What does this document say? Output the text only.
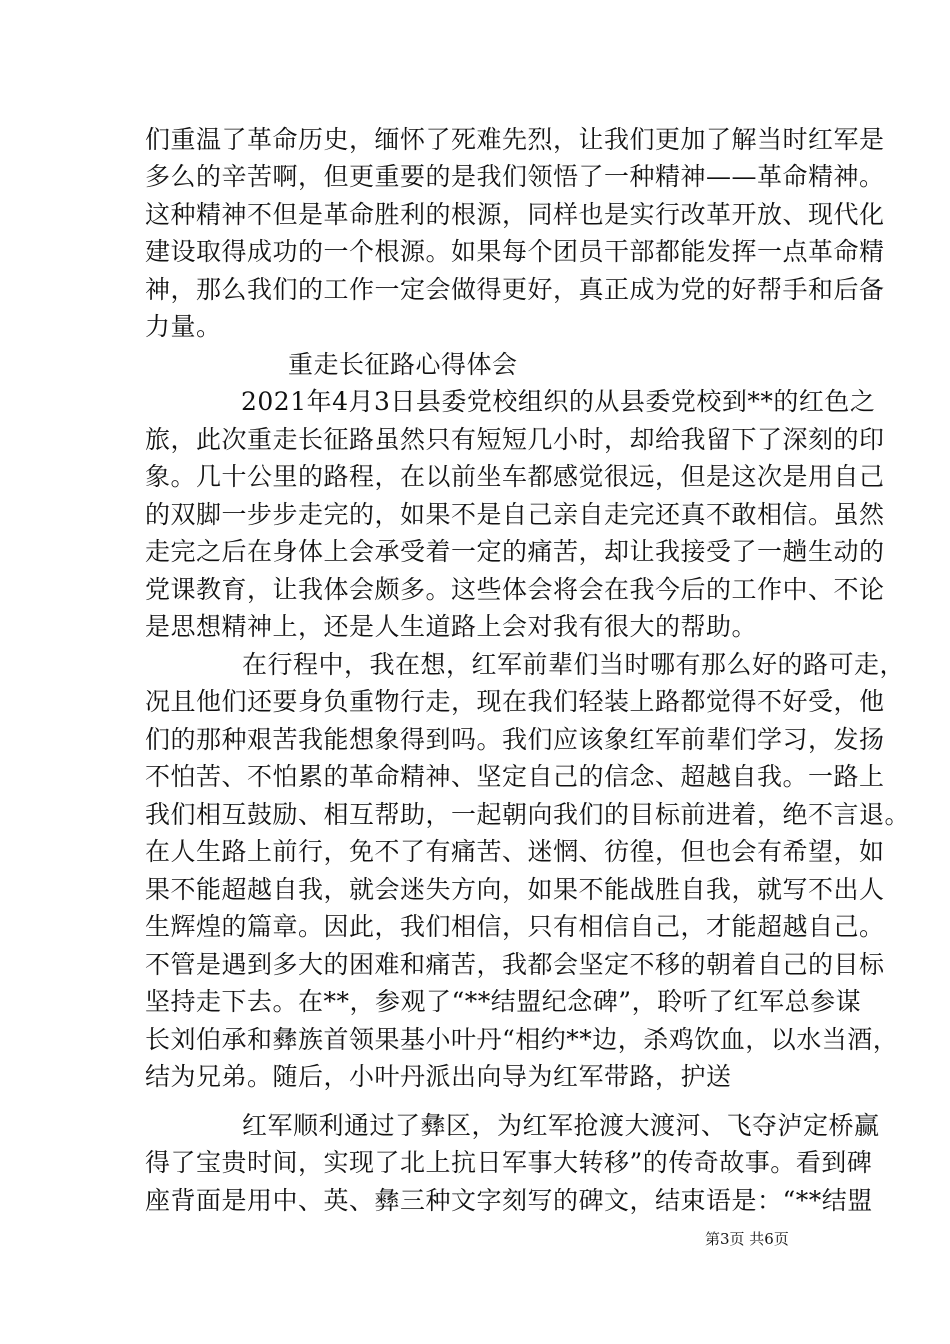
们重温了革命历史，缅怀了死难先烈，让我们更加了解当时红军是
多么的辛苦啊，但更重要的是我们领悟了一种精神——革命精神。
这种精神不但是革命胜利的根源，同样也是实行改革开放、现代化
建设取得成功的一个根源。如果每个团员干部都能发挥一点革命精
神，那么我们的工作一定会做得更好，真正成为党的好帮手和后备
力量。
重走长征路心得体会
2021年4月3日县委党校组织的从县委党校到**的红色之
旅，此次重走长征路虽然只有短短几小时，却给我留下了深刻的印
象。几十公里的路程，在以前坐车都感觉很远，但是这次是用自己
的双脚一步步走完的，如果不是自己亲自走完还真不敢相信。虽然
走完之后在身体上会承受着一定的痛苦，却让我接受了一趟生动的
党课教育，让我体会颇多。这些体会将会在我今后的工作中、不论
是思想精神上，还是人生道路上会对我有很大的帮助。
在行程中，我在想，红军前辈们当时哪有那么好的路可走，
况且他们还要身负重物行走，现在我们轻装上路都觉得不好受，他
们的那种艰苦我能想象得到吗。我们应该象红军前辈们学习，发扬
不怕苦、不怕累的革命精神、坚定自己的信念、超越自我。一路上
我们相互鼓励、相互帮助，一起朝向我们的目标前进着，绝不言退。
在人生路上前行，免不了有痛苦、迷惘、彷徨，但也会有希望，如
果不能超越自我，就会迷失方向，如果不能战胜自我，就写不出人
生辉煌的篇章。因此，我们相信，只有相信自己，才能超越自己。
不管是遇到多大的困难和痛苦，我都会坚定不移的朝着自己的目标
坚持走下去。在**，参观了“**结盟纪念碑”，聆听了红军总参谋
长刘伯承和彝族首领果基小叶丹“相约**边，杀鸡饮血，以水当酒，
结为兄弟。随后，小叶丹派出向导为红军带路，护送
红军顺利通过了彝区，为红军抢渡大渡河、飞夺泸定桥赢
得了宝贵时间，实现了北上抗日军事大转移”的传奇故事。看到碑
座背面是用中、英、彝三种文字刻写的碑文，结束语是：“**结盟
第3页 共6页
